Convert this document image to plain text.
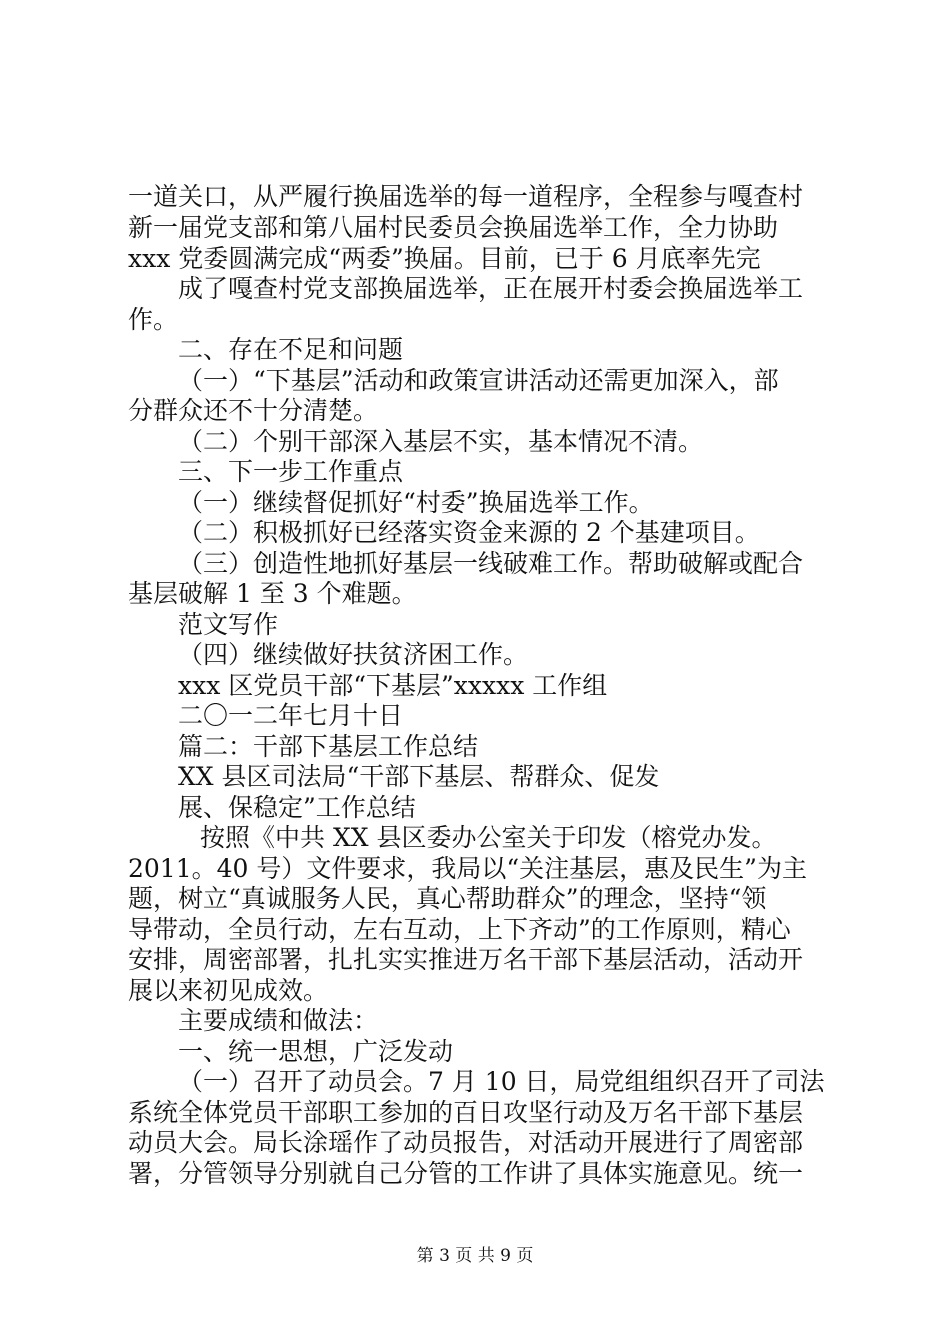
一道关口，从严履行换届选举的每一道程序，全程参与嘎查村
新一届党支部和第八届村民委员会换届选举工作，全力协助
xxx 党委圆满完成“两委”换届。目前，已于 6 月底率先完
成了嘎查村党支部换届选举，正在展开村委会换届选举工
作。
二、存在不足和问题
（一）“下基层”活动和政策宣讲活动还需更加深入，部
分群众还不十分清楚。
（二）个别干部深入基层不实，基本情况不清。
三、下一步工作重点
（一）继续督促抓好“村委”换届选举工作。
（二）积极抓好已经落实资金来源的 2 个基建项目。
（三）创造性地抓好基层一线破难工作。帮助破解或配合
基层破解 1 至 3 个难题。
范文写作
（四）继续做好扶贫济困工作。
xxx 区党员干部“下基层”xxxxx 工作组
二〇一二年七月十日
篇二：干部下基层工作总结
XX 县区司法局“干部下基层、帮群众、促发
展、保稳定”工作总结
按照《中共 XX 县区委办公室关于印发（榕党办发。
2011。40 号）文件要求，我局以“关注基层，惠及民生”为主
题，树立“真诚服务人民，真心帮助群众”的理念，坚持“领
导带动，全员行动，左右互动，上下齐动”的工作原则，精心
安排，周密部署，扎扎实实推进万名干部下基层活动，活动开
展以来初见成效。
主要成绩和做法：
一、统一思想，广泛发动
（一）召开了动员会。7 月 10 日，局党组组织召开了司法
系统全体党员干部职工参加的百日攻坚行动及万名干部下基层
动员大会。局长涂瑶作了动员报告，对活动开展进行了周密部
署，分管领导分别就自己分管的工作讲了具体实施意见。统一
第 3 页 共 9 页
